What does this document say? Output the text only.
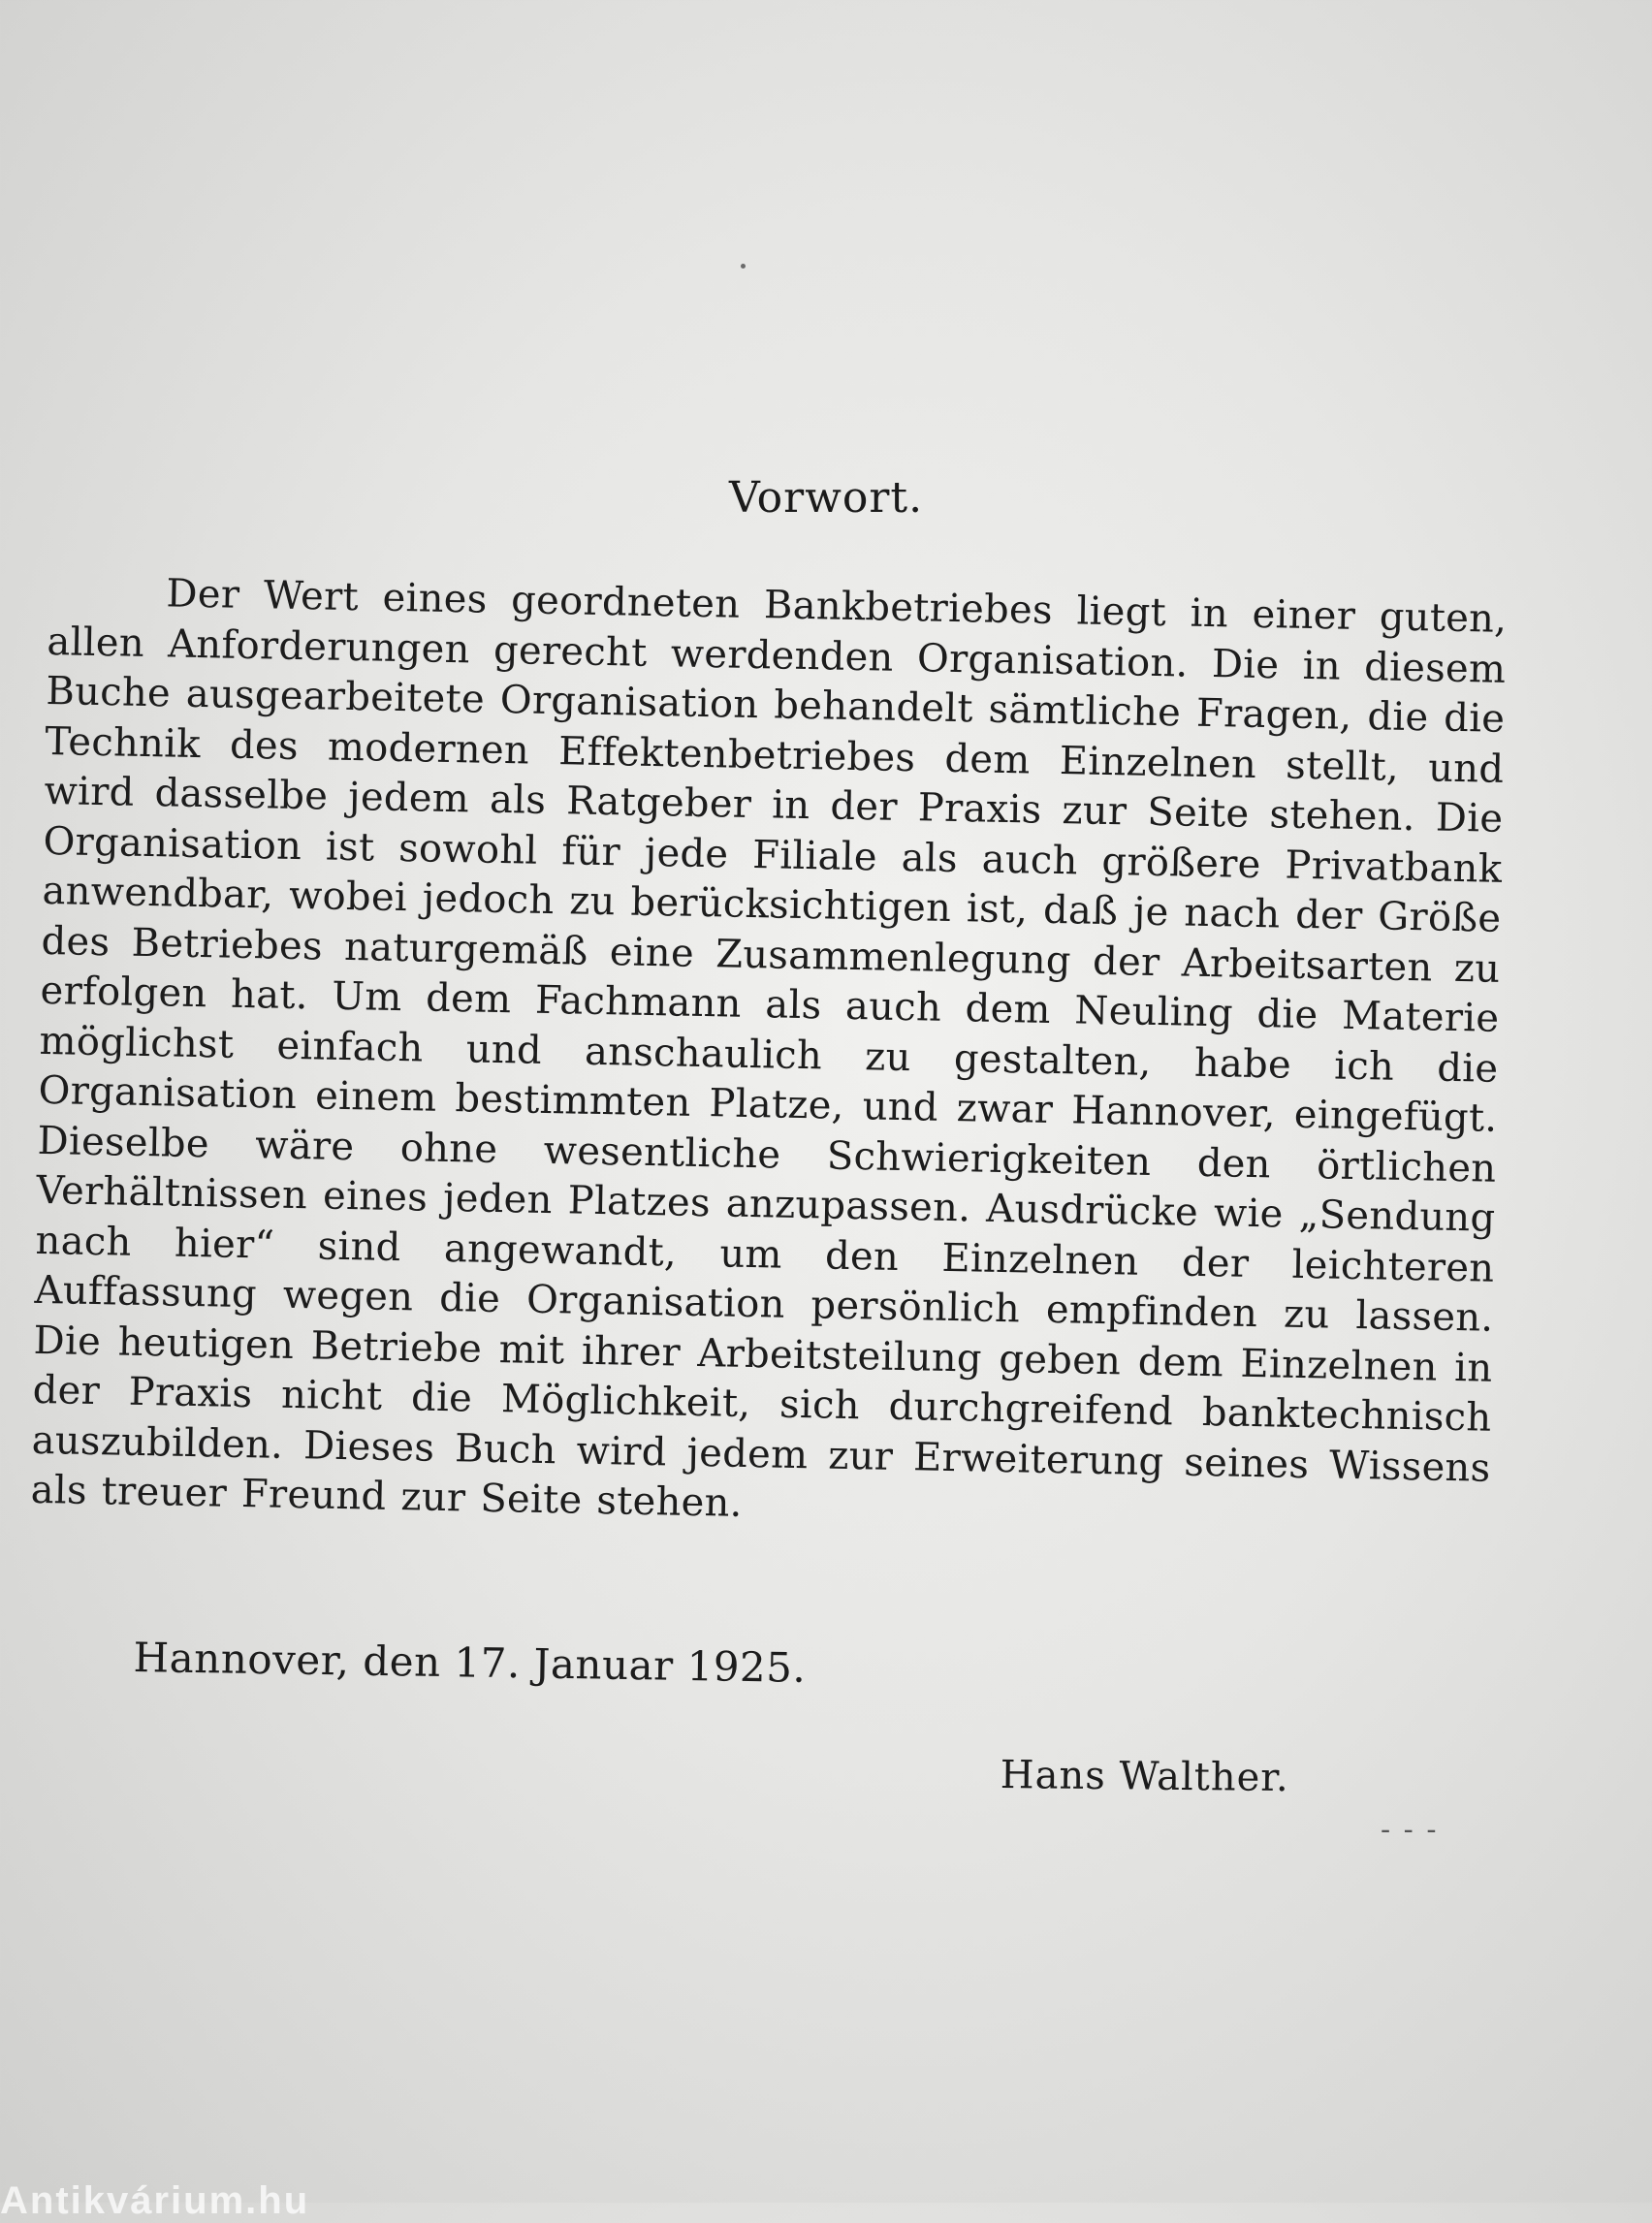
Vorwort.

Der Wert eines geordneten Bankbetriebes liegt in einer guten, allen Anforderungen gerecht werdenden Organisation. Die in diesem Buche ausgearbeitete Organisation behandelt sämtliche Fragen, die die Technik des modernen Effektenbetriebes dem Einzelnen stellt, und wird dasselbe jedem als Ratgeber in der Praxis zur Seite stehen. Die Organisation ist sowohl für jede Filiale als auch größere Privatbank anwendbar, wobei jedoch zu berücksichtigen ist, daß je nach der Größe des Betriebes naturgemäß eine Zusammenlegung der Arbeitsarten zu erfolgen hat. Um dem Fachmann als auch dem Neuling die Materie möglichst einfach und anschaulich zu gestalten, habe ich die Organisation einem bestimmten Platze, und zwar Hannover, eingefügt. Dieselbe wäre ohne wesentliche Schwierigkeiten den örtlichen Verhältnissen eines jeden Platzes anzupassen. Ausdrücke wie „Sendung nach hier“ sind angewandt, um den Einzelnen der leichteren Auffassung wegen die Organisation persönlich empfinden zu lassen. Die heutigen Betriebe mit ihrer Arbeitsteilung geben dem Einzelnen in der Praxis nicht die Möglichkeit, sich durchgreifend banktechnisch auszubilden. Dieses Buch wird jedem zur Erweiterung seines Wissens als treuer Freund zur Seite stehen.

Hannover, den 17. Januar 1925.
Hans Walther.
‐ ‐ ‐
Antikvárium.hu
